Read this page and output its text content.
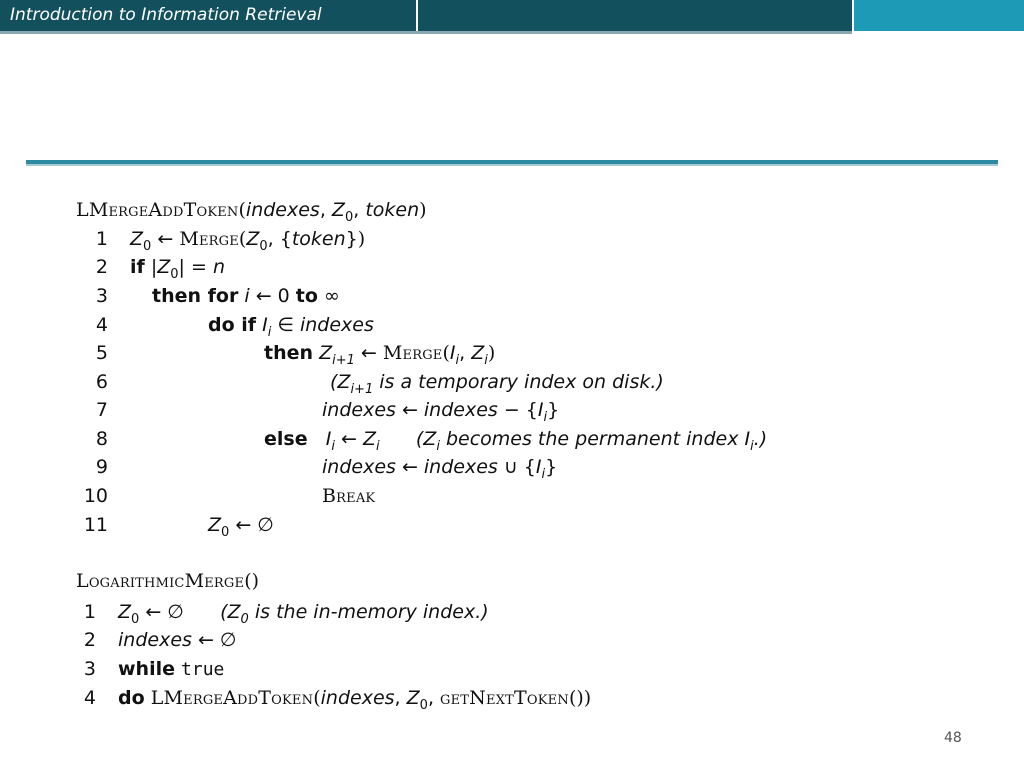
Introduction to Information Retrieval
LMergeAddToken(indexes, $Z_0$, token)
1 $Z_0$ ← $Merge(Z_0$, {token})
2 if $|Z_0| = n$
3 then for i ← 0 to ∞
4	do if $I_i$ ∈ indexes
5	then $Z_{i+1}$ ← $Merge(I_i$, $Z_i$)
6	($Z_{i+1}$ is a temporary index on disk.)
7	indexes ← indexes − $\{I_i\}$
8	else $I_i$ ← $Z_i$ ($Z_i$ becomes the permanent index $I_i$.)
9	indexes ← indexes ∪ $\{I_i\}$
10	Break
11	$Z_0$ ← ∅
LogarithmicMerge()
1 $Z_0$ ← ∅      ($Z_0$ is the in-memory index.)
2 indexes ← ∅
3 while true
4 do LMergeAddToken(indexes, $Z_0$, getNextToken())
48
